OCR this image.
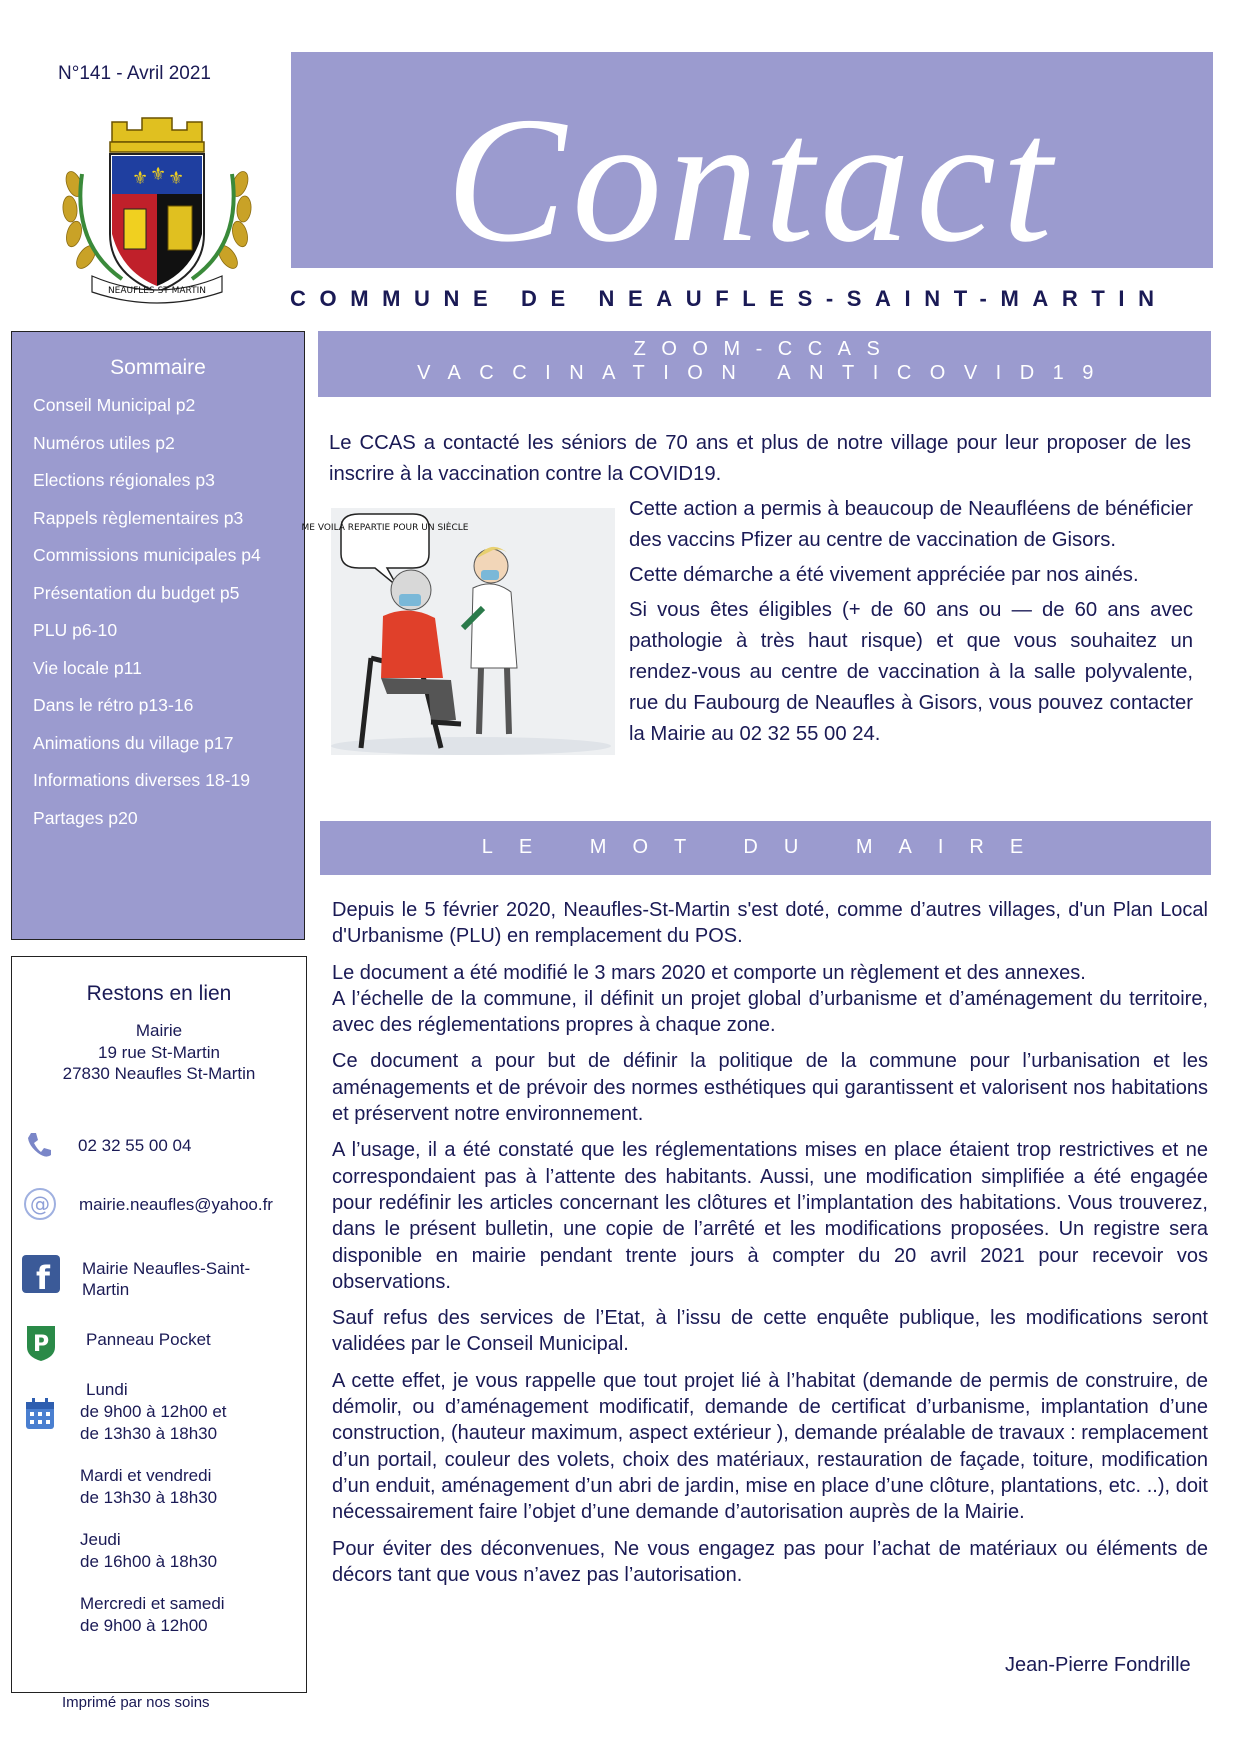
N°141 - Avril 2021
⚜ ⚜ ⚜
NEAUFLES ST MARTIN
Contact
COMMUNE DE NEAUFLES-SAINT-MARTIN
Sommaire
Conseil Municipal p2
Numéros utiles p2
Elections régionales p3
Rappels règlementaires p3
Commissions municipales p4
Présentation du budget p5
PLU p6-10
Vie locale p11
Dans le rétro p13-16
Animations du village p17
Informations diverses 18-19
Partages p20
Restons en lien
Mairie
19 rue St-Martin
27830 Neaufles St-Martin
02 32 55 00 04
@ mairie.neaufles@yahoo.fr
f Mairie Neaufles-Saint-Martin
P Panneau Pocket
Lundi
de 9h00 à 12h00 et
de 13h30 à 18h30
Mardi et vendredi
de 13h30 à 18h30
Jeudi
de 16h00 à 18h30
Mercredi et samedi
de 9h00 à 12h00
Imprimé par nos soins
ZOOM-CCAS
VACCINATION ANTICOVID19
Le CCAS a contacté les séniors de 70 ans et plus de notre village pour leur proposer de les inscrire à la vaccination contre la COVID19.
ME VOILÀ REPARTIE POUR UN SIÈCLE

Cette action a permis à beaucoup de Neaufléens de bénéficier des vaccins Pfizer au centre de vaccination de Gisors.

Cette démarche a été vivement appréciée par nos ainés.

Si vous êtes éligibles (+ de 60 ans ou — de 60 ans avec pathologie à très haut risque) et que vous souhaitez un rendez-vous au centre de vaccination à la salle polyvalente, rue du Faubourg de Neaufles à Gisors, vous pouvez contacter la Mairie au 02 32 55 00 24.

LE MOT DU MAIRE

Depuis le 5 février 2020, Neaufles-St-Martin s'est doté, comme d’autres villages, d'un Plan Local d'Urbanisme (PLU) en remplacement du POS.

Le document a été modifié le 3 mars 2020 et comporte un règlement et des annexes.

A l’échelle de la commune, il définit un projet global d’urbanisme et d’aménagement du territoire, avec des réglementations propres à chaque zone.

Ce document a pour but de définir la politique de la commune pour l’urbanisation et les aménagements et de prévoir des normes esthétiques qui garantissent et valorisent nos habitations et préservent notre environnement.

A l’usage, il a été constaté que les réglementations mises en place étaient trop restrictives et ne correspondaient pas à l’attente des habitants. Aussi, une modification simplifiée a été engagée pour redéfinir les articles concernant les clôtures et l’implantation des habitations. Vous trouverez, dans le présent bulletin, une copie de l’arrêté et les modifications proposées. Un registre sera disponible en mairie pendant trente jours à compter du 20 avril 2021 pour recevoir vos observations.

Sauf refus des services de l’Etat, à l’issu de cette enquête publique, les modifications seront validées par le Conseil Municipal.

A cette effet, je vous rappelle que tout projet lié à l’habitat (demande de permis de construire, de démolir, ou d’aménagement modificatif, demande de certificat d’urbanisme, implantation d’une construction, (hauteur maximum, aspect extérieur ), demande préalable de travaux : remplacement d’un portail, couleur des volets, choix des matériaux, restauration de façade, toiture, modification d’un enduit, aménagement d’un abri de jardin, mise en place d’une clôture, plantations, etc. ..), doit nécessairement faire l’objet d’une demande d’autorisation auprès de la Mairie.

Pour éviter des déconvenues, Ne vous engagez pas pour l’achat de matériaux ou éléments de décors tant que vous n’avez pas l’autorisation.

Jean-Pierre Fondrille
